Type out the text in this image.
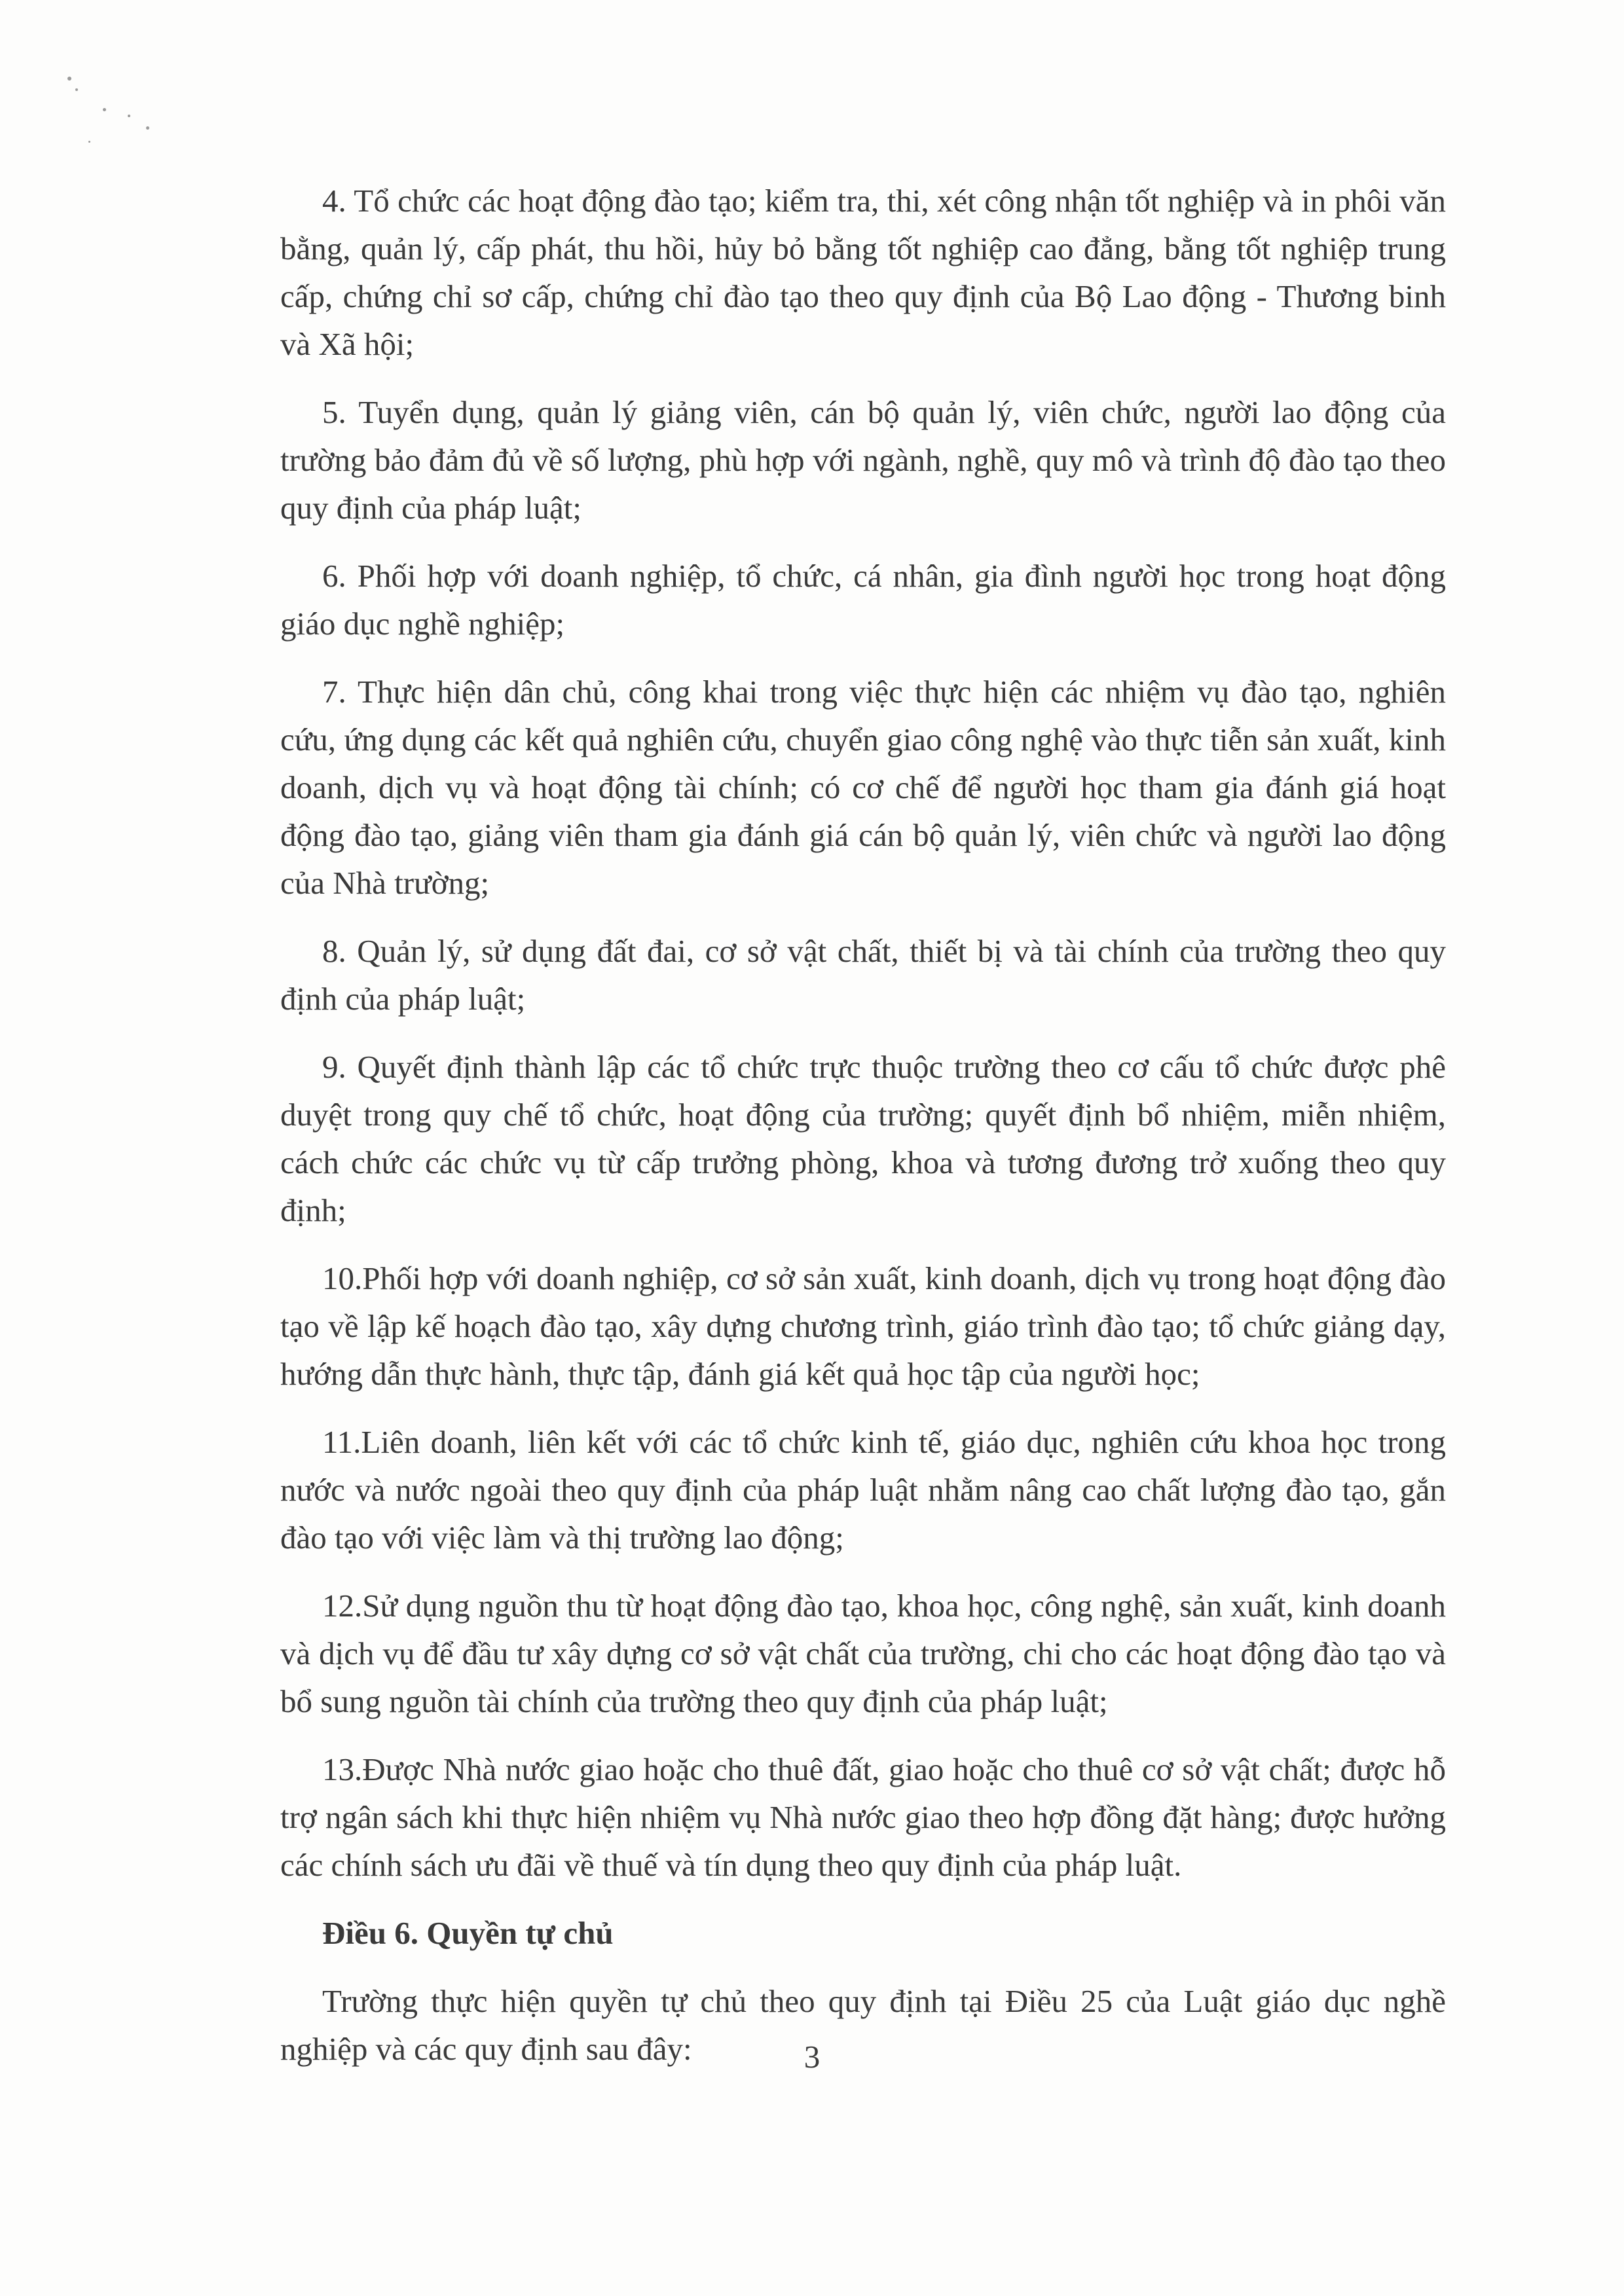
4. Tổ chức các hoạt động đào tạo; kiểm tra, thi, xét công nhận tốt nghiệp và in phôi văn bằng, quản lý, cấp phát, thu hồi, hủy bỏ bằng tốt nghiệp cao đẳng, bằng tốt nghiệp trung cấp, chứng chỉ sơ cấp, chứng chỉ đào tạo theo quy định của Bộ Lao động - Thương binh và Xã hội;

5. Tuyển dụng, quản lý giảng viên, cán bộ quản lý, viên chức, người lao động của trường bảo đảm đủ về số lượng, phù hợp với ngành, nghề, quy mô và trình độ đào tạo theo quy định của pháp luật;

6. Phối hợp với doanh nghiệp, tổ chức, cá nhân, gia đình người học trong hoạt động giáo dục nghề nghiệp;

7. Thực hiện dân chủ, công khai trong việc thực hiện các nhiệm vụ đào tạo, nghiên cứu, ứng dụng các kết quả nghiên cứu, chuyển giao công nghệ vào thực tiễn sản xuất, kinh doanh, dịch vụ và hoạt động tài chính; có cơ chế để người học tham gia đánh giá hoạt động đào tạo, giảng viên tham gia đánh giá cán bộ quản lý, viên chức và người lao động của Nhà trường;

8. Quản lý, sử dụng đất đai, cơ sở vật chất, thiết bị và tài chính của trường theo quy định của pháp luật;

9. Quyết định thành lập các tổ chức trực thuộc trường theo cơ cấu tổ chức được phê duyệt trong quy chế tổ chức, hoạt động của trường; quyết định bổ nhiệm, miễn nhiệm, cách chức các chức vụ từ cấp trưởng phòng, khoa và tương đương trở xuống theo quy định;

10.Phối hợp với doanh nghiệp, cơ sở sản xuất, kinh doanh, dịch vụ trong hoạt động đào tạo về lập kế hoạch đào tạo, xây dựng chương trình, giáo trình đào tạo; tổ chức giảng dạy, hướng dẫn thực hành, thực tập, đánh giá kết quả học tập của người học;

11.Liên doanh, liên kết với các tổ chức kinh tế, giáo dục, nghiên cứu khoa học trong nước và nước ngoài theo quy định của pháp luật nhằm nâng cao chất lượng đào tạo, gắn đào tạo với việc làm và thị trường lao động;

12.Sử dụng nguồn thu từ hoạt động đào tạo, khoa học, công nghệ, sản xuất, kinh doanh và dịch vụ để đầu tư xây dựng cơ sở vật chất của trường, chi cho các hoạt động đào tạo và bổ sung nguồn tài chính của trường theo quy định của pháp luật;

13.Được Nhà nước giao hoặc cho thuê đất, giao hoặc cho thuê cơ sở vật chất; được hỗ trợ ngân sách khi thực hiện nhiệm vụ Nhà nước giao theo hợp đồng đặt hàng; được hưởng các chính sách ưu đãi về thuế và tín dụng theo quy định của pháp luật.

Điều 6. Quyền tự chủ

Trường thực hiện quyền tự chủ theo quy định tại Điều 25 của Luật giáo dục nghề nghiệp và các quy định sau đây:	3
